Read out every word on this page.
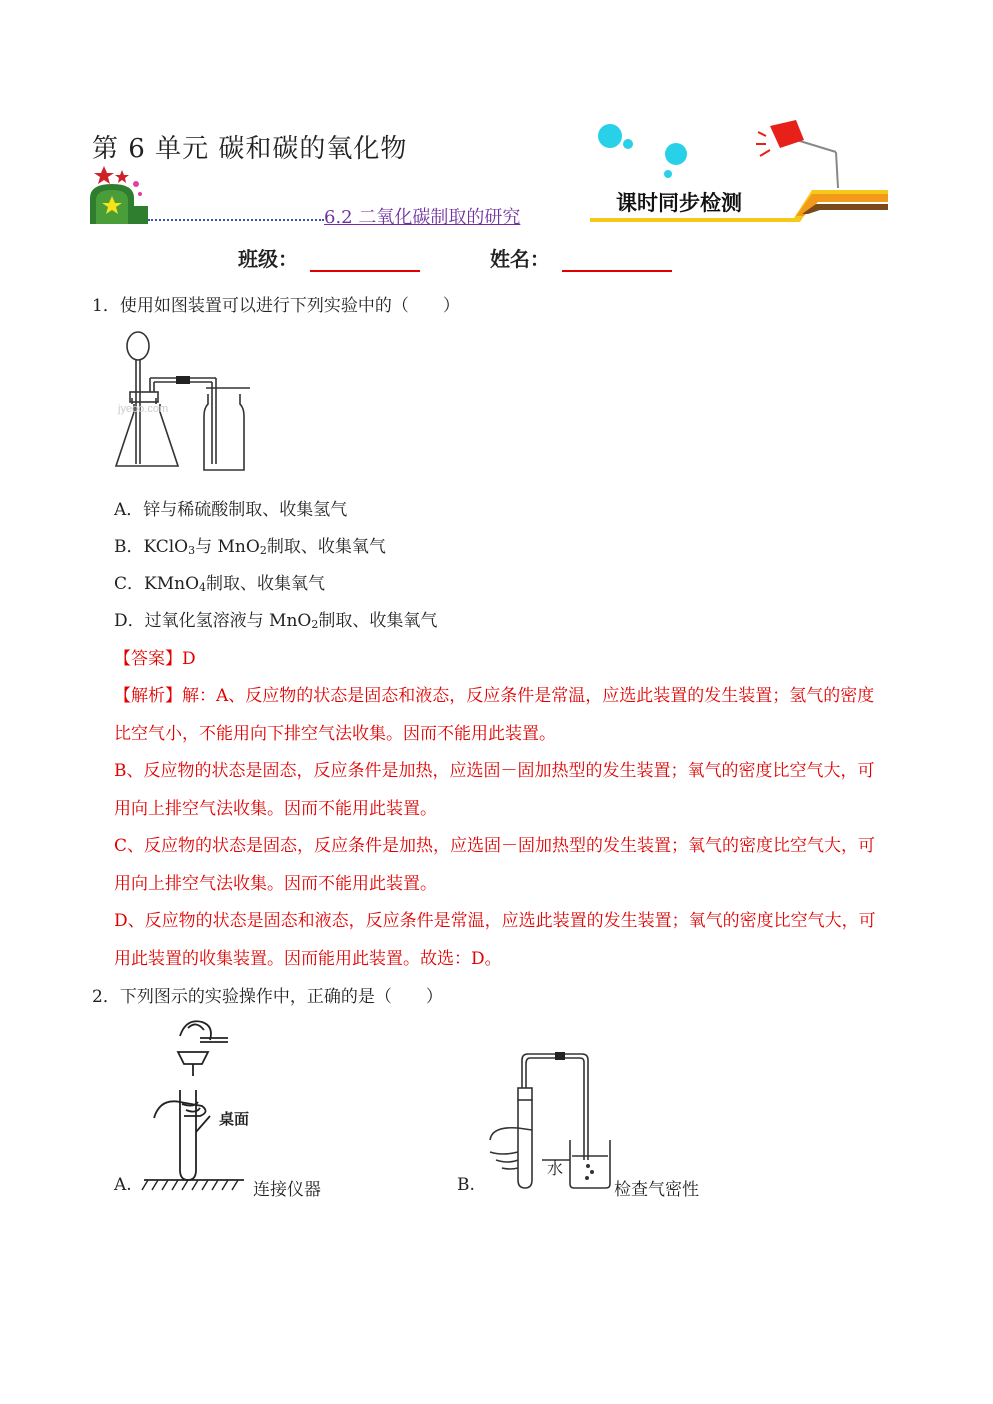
第 6 单元 碳和碳的氧化物
6.2 二氧化碳制取的研究
课时同步检测
班级：	姓名：
1．使用如图装置可以进行下列实验中的（　　）
jyeoo.com
A．锌与稀硫酸制取、收集氢气
B．KClO$_3$与 MnO$_2$制取、收集氧气
C．KMnO$_4$制取、收集氧气
D．过氧化氢溶液与 MnO$_2$制取、收集氧气
【答案】D
【解析】解：A、反应物的状态是固态和液态，反应条件是常温，应选此装置的发生装置；氢气的密度
比空气小，不能用向下排空气法收集。因而不能用此装置。
B、反应物的状态是固态，反应条件是加热，应选固－固加热型的发生装置；氧气的密度比空气大，可
用向上排空气法收集。因而不能用此装置。
C、反应物的状态是固态，反应条件是加热，应选固－固加热型的发生装置；氧气的密度比空气大，可
用向上排空气法收集。因而不能用此装置。
D、反应物的状态是固态和液态，反应条件是常温，应选此装置的发生装置；氧气的密度比空气大，可
用此装置的收集装置。因而能用此装置。故选：D。
2．下列图示的实验操作中，正确的是（　　）
桌面
A.	连接仪器
水
B.	检查气密性
